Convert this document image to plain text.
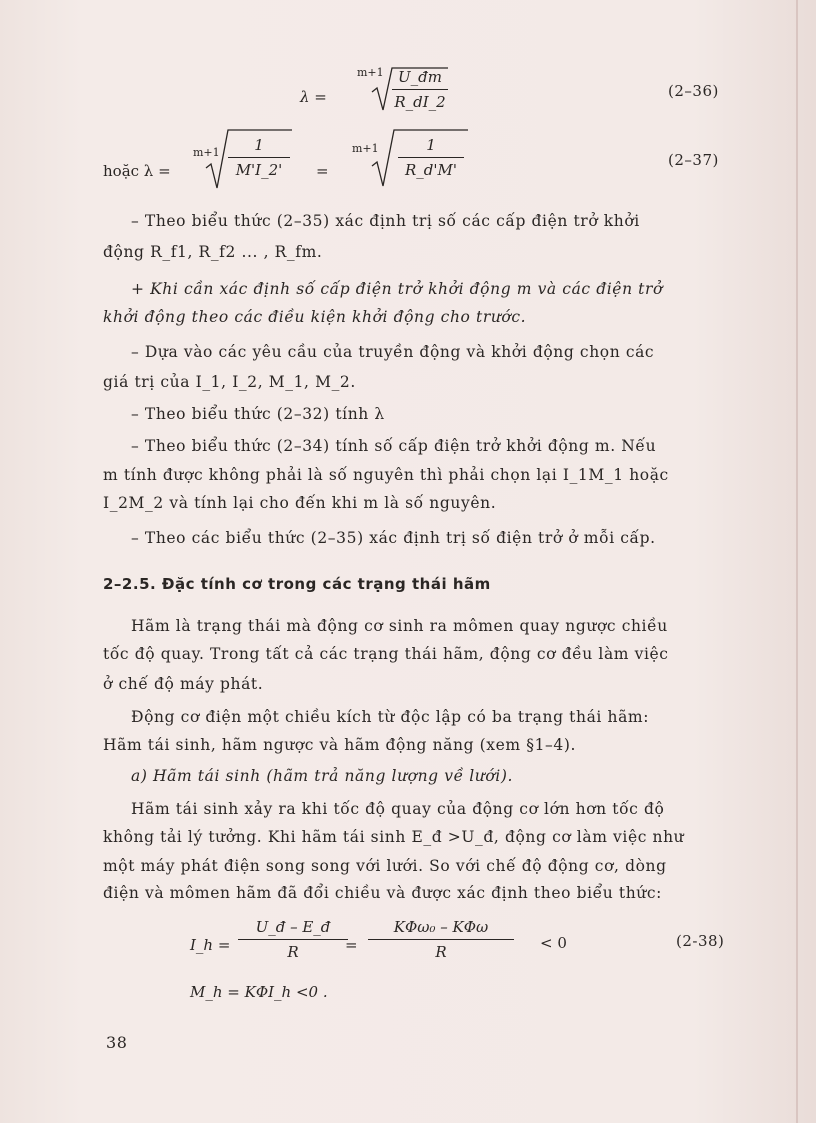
λ =
m+1 U_đm
R_dI_2
(2–36)
hoặc λ =
m+1	1
M'I_2'	=
m+1	1
R_d'M'
(2–37)
– Theo biểu thức (2–35) xác định trị số các cấp điện trở khởi
động R_f1, R_f2 ... , R_fm.
+ Khi cần xác định số cấp điện trở khởi động m và các điện trở
khởi động theo các điều kiện khởi động cho trước.
– Dựa vào các yêu cầu của truyền động và khởi động chọn các
giá trị của I_1, I_2, M_1, M_2.
– Theo biểu thức (2–32) tính λ
– Theo biểu thức (2–34) tính số cấp điện trở khởi động m. Nếu
m tính được không phải là số nguyên thì phải chọn lại I_1M_1 hoặc
I_2M_2 và tính lại cho đến khi m là số nguyên.
– Theo các biểu thức (2–35) xác định trị số điện trở ở mỗi cấp.
2–2.5. Đặc tính cơ trong các trạng thái hãm
Hãm là trạng thái mà động cơ sinh ra mômen quay ngược chiều
tốc độ quay. Trong tất cả các trạng thái hãm, động cơ đều làm việc
ở chế độ máy phát.
Động cơ điện một chiều kích từ độc lập có ba trạng thái hãm:
Hãm tái sinh, hãm ngược và hãm động năng (xem §1–4).
a) Hãm tái sinh (hãm trả năng lượng về lưới).
Hãm tái sinh xảy ra khi tốc độ quay của động cơ lớn hơn tốc độ
không tải lý tưởng. Khi hãm tái sinh E_đ >U_đ, động cơ làm việc như
một máy phát điện song song với lưới. So với chế độ động cơ, dòng
điện và mômen hãm đã đổi chiều và được xác định theo biểu thức:
I_h =
U_đ – E_đ
R	=
KΦω₀ – KΦω
R
< 0	(2-38)
M_h = KΦI_h <0 .
38
